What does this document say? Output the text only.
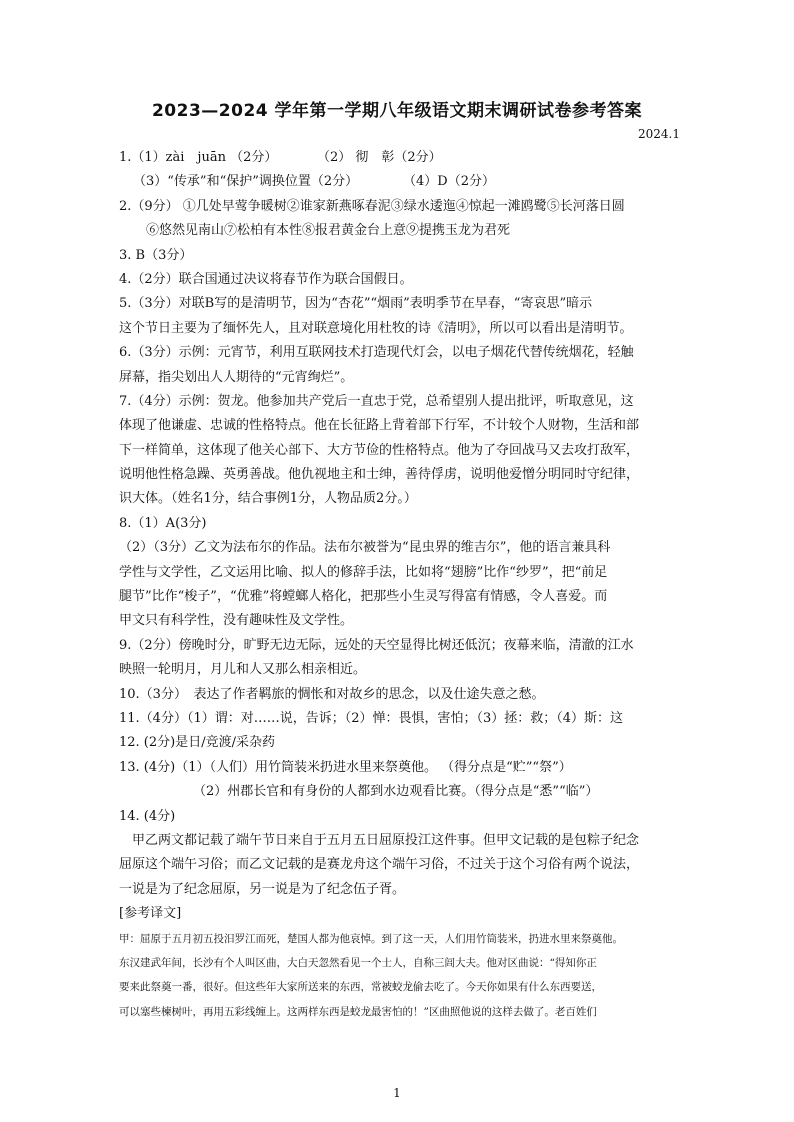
2023—2024 学年第一学期八年级语文期末调研试卷参考答案
2024.1
1.（1）zài　juān （2分）	（2） 彻　彰（2分）
（3）“传承”和“保护”调换位置（2分）	（4）D（2分）
2.（9分） ①几处早莺争暖树②谁家新燕啄春泥③绿水逶迤④惊起一滩鸥鹭⑤长河落日圆
⑥悠然见南山⑦松柏有本性⑧报君黄金台上意⑨提携玉龙为君死
3. B（3分）
4.（2分）联合国通过决议将春节作为联合国假日。
5.（3分）对联B写的是清明节，因为“杏花”“烟雨”表明季节在早春，“寄哀思”暗示
这个节日主要为了缅怀先人，且对联意境化用杜牧的诗《清明》，所以可以看出是清明节。
6.（3分）示例：元宵节，利用互联网技术打造现代灯会，以电子烟花代替传统烟花，轻触
屏幕，指尖划出人人期待的“元宵绚烂”。
7.（4分）示例：贺龙。他参加共产党后一直忠于党，总希望别人提出批评，听取意见，这
体现了他谦虚、忠诚的性格特点。他在长征路上背着部下行军，不计较个人财物，生活和部
下一样简单，这体现了他关心部下、大方节俭的性格特点。他为了夺回战马又去攻打敌军，
说明他性格急躁、英勇善战。他仇视地主和士绅，善待俘虏，说明他爱憎分明同时守纪律，
识大体。（姓名1分，结合事例1分，人物品质2分。）
8.（1）A(3分)
（2）（3分）乙文为法布尔的作品。法布尔被誉为“昆虫界的维吉尔”，他的语言兼具科
学性与文学性，乙文运用比喻、拟人的修辞手法，比如将“翅膀”比作“纱罗”，把“前足
腿节”比作“梭子”，“优雅”将螳螂人格化，把那些小生灵写得富有情感，令人喜爱。而
甲文只有科学性，没有趣味性及文学性。
9.（2分）傍晚时分，旷野无边无际，远处的天空显得比树还低沉；夜幕来临，清澈的江水
映照一轮明月，月儿和人又那么相亲相近。
10.（3分）　表达了作者羁旅的惆怅和对故乡的思念，以及仕途失意之愁。
11.（4分）（1）谓：对……说，告诉；（2）惮：畏惧，害怕；（3）拯：救；（4）斯：这
12. (2分)是日/竞渡/采杂药
13. (4分)（1）（人们）用竹筒装米扔进水里来祭奠他。 （得分点是“贮”“祭”）
（2）州郡长官和有身份的人都到水边观看比赛。（得分点是“悉”“临”）
14. (4分)
甲乙两文都记载了端午节日来自于五月五日屈原投江这件事。但甲文记载的是包粽子纪念
屈原这个端午习俗；而乙文记载的是赛龙舟这个端午习俗，不过关于这个习俗有两个说法，
一说是为了纪念屈原，另一说是为了纪念伍子胥。
[参考译文]
甲：屈原于五月初五投汨罗江而死，楚国人都为他哀悼。到了这一天，人们用竹筒装米，扔进水里来祭奠他。
东汉建武年间，长沙有个人叫区曲，大白天忽然看见一个士人，自称三闾大夫。他对区曲说：“得知你正
要来此祭奠一番，很好。但这些年大家所送来的东西，常被蛟龙偷去吃了。今天你如果有什么东西要送，
可以塞些楝树叶，再用五彩线缠上。这两样东西是蛟龙最害怕的！”区曲照他说的这样去做了。老百姓们
1
